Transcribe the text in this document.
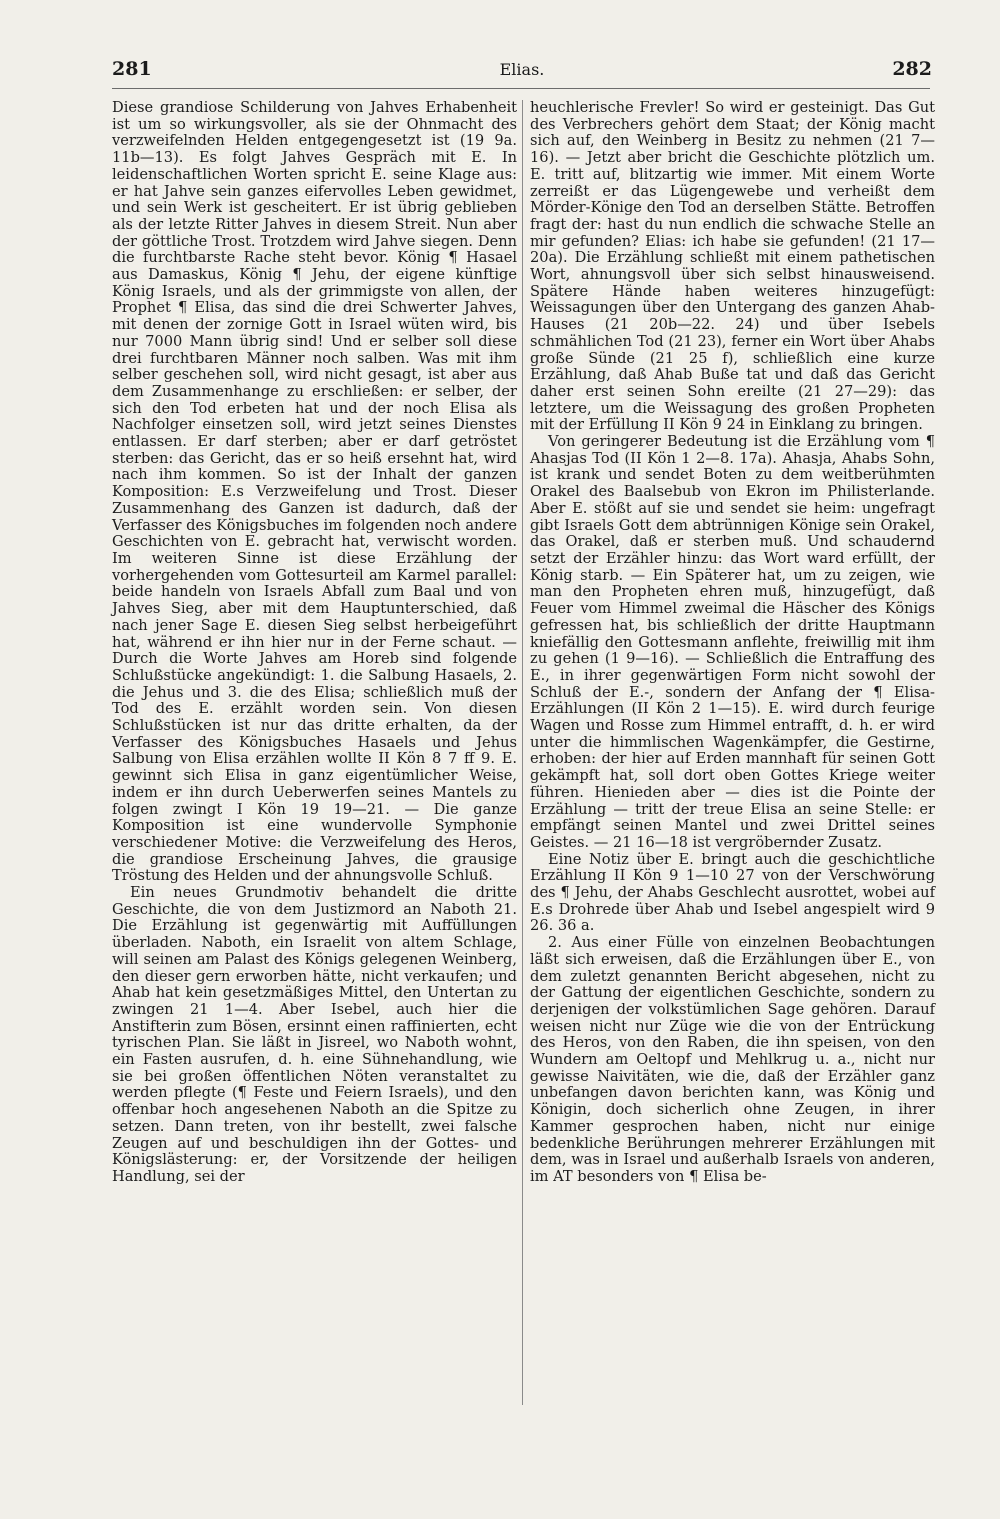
281	Elias.	282

Diese grandiose Schilderung von Jahves Erhabenheit ist um so wirkungsvoller, als sie der Ohnmacht des verzweifelnden Helden entgegengesetzt ist (19 9a. 11b—13). Es folgt Jahves Gespräch mit E. In leidenschaftlichen Worten spricht E. seine Klage aus: er hat Jahve sein ganzes eifervolles Leben gewidmet, und sein Werk ist gescheitert. Er ist übrig geblieben als der letzte Ritter Jahves in diesem Streit. Nun aber der göttliche Trost. Trotzdem wird Jahve siegen. Denn die furchtbarste Rache steht bevor. König ¶ Hasael aus Damaskus, König ¶ Jehu, der eigene künftige König Israels, und als der grimmigste von allen, der Prophet ¶ Elisa, das sind die drei Schwerter Jahves, mit denen der zornige Gott in Israel wüten wird, bis nur 7000 Mann übrig sind! Und er selber soll diese drei furchtbaren Männer noch salben. Was mit ihm selber geschehen soll, wird nicht gesagt, ist aber aus dem Zusammenhange zu erschließen: er selber, der sich den Tod erbeten hat und der noch Elisa als Nachfolger einsetzen soll, wird jetzt seines Dienstes entlassen. Er darf sterben; aber er darf getröstet sterben: das Gericht, das er so heiß ersehnt hat, wird nach ihm kommen. So ist der Inhalt der ganzen Komposition: E.s Verzweifelung und Trost. Dieser Zusammenhang des Ganzen ist dadurch, daß der Verfasser des Königsbuches im folgenden noch andere Geschichten von E. gebracht hat, verwischt worden. Im weiteren Sinne ist diese Erzählung der vorhergehenden vom Gottesurteil am Karmel parallel: beide handeln von Israels Abfall zum Baal und von Jahves Sieg, aber mit dem Hauptunterschied, daß nach jener Sage E. diesen Sieg selbst herbeigeführt hat, während er ihn hier nur in der Ferne schaut. — Durch die Worte Jahves am Horeb sind folgende Schlußstücke angekündigt: 1. die Salbung Hasaels, 2. die Jehus und 3. die des Elisa; schließlich muß der Tod des E. erzählt worden sein. Von diesen Schlußstücken ist nur das dritte erhalten, da der Verfasser des Königsbuches Hasaels und Jehus Salbung von Elisa erzählen wollte II Kön 8 7 ff 9. E. gewinnt sich Elisa in ganz eigentümlicher Weise, indem er ihn durch Ueberwerfen seines Mantels zu folgen zwingt I Kön 19 19—21. — Die ganze Komposition ist eine wundervolle Symphonie verschiedener Motive: die Verzweifelung des Heros, die grandiose Erscheinung Jahves, die grausige Tröstung des Helden und der ahnungsvolle Schluß.

Ein neues Grundmotiv behandelt die dritte Geschichte, die von dem Justizmord an Naboth 21. Die Erzählung ist gegenwärtig mit Auffüllungen überladen. Naboth, ein Israelit von altem Schlage, will seinen am Palast des Königs gelegenen Weinberg, den dieser gern erworben hätte, nicht verkaufen; und Ahab hat kein gesetzmäßiges Mittel, den Untertan zu zwingen 21 1—4. Aber Isebel, auch hier die Anstifterin zum Bösen, ersinnt einen raffinierten, echt tyrischen Plan. Sie läßt in Jisreel, wo Naboth wohnt, ein Fasten ausrufen, d. h. eine Sühnehandlung, wie sie bei großen öffentlichen Nöten veranstaltet zu werden pflegte (¶ Feste und Feiern Israels), und den offenbar hoch angesehenen Naboth an die Spitze zu setzen. Dann treten, von ihr bestellt, zwei falsche Zeugen auf und beschuldigen ihn der Gottes- und Königslästerung: er, der Vorsitzende der heiligen Handlung, sei der

heuchlerische Frevler! So wird er gesteinigt. Das Gut des Verbrechers gehört dem Staat; der König macht sich auf, den Weinberg in Besitz zu nehmen (21 7—16). — Jetzt aber bricht die Geschichte plötzlich um. E. tritt auf, blitzartig wie immer. Mit einem Worte zerreißt er das Lügengewebe und verheißt dem Mörder-Könige den Tod an derselben Stätte. Betroffen fragt der: hast du nun endlich die schwache Stelle an mir gefunden? Elias: ich habe sie gefunden! (21 17—20a). Die Erzählung schließt mit einem pathetischen Wort, ahnungsvoll über sich selbst hinausweisend. Spätere Hände haben weiteres hinzugefügt: Weissagungen über den Untergang des ganzen Ahab-Hauses (21 20b—22. 24) und über Isebels schmählichen Tod (21 23), ferner ein Wort über Ahabs große Sünde (21 25 f), schließlich eine kurze Erzählung, daß Ahab Buße tat und daß das Gericht daher erst seinen Sohn ereilte (21 27—29): das letztere, um die Weissagung des großen Propheten mit der Erfüllung II Kön 9 24 in Einklang zu bringen.

Von geringerer Bedeutung ist die Erzählung vom ¶ Ahasjas Tod (II Kön 1 2—8. 17a). Ahasja, Ahabs Sohn, ist krank und sendet Boten zu dem weitberühmten Orakel des Baalsebub von Ekron im Philisterlande. Aber E. stößt auf sie und sendet sie heim: ungefragt gibt Israels Gott dem abtrünnigen Könige sein Orakel, das Orakel, daß er sterben muß. Und schaudernd setzt der Erzähler hinzu: das Wort ward erfüllt, der König starb. — Ein Späterer hat, um zu zeigen, wie man den Propheten ehren muß, hinzugefügt, daß Feuer vom Himmel zweimal die Häscher des Königs gefressen hat, bis schließlich der dritte Hauptmann kniefällig den Gottesmann anflehte, freiwillig mit ihm zu gehen (1 9—16). — Schließlich die Entraffung des E., in ihrer gegenwärtigen Form nicht sowohl der Schluß der E.-, sondern der Anfang der ¶ Elisa-Erzählungen (II Kön 2 1—15). E. wird durch feurige Wagen und Rosse zum Himmel entrafft, d. h. er wird unter die himmlischen Wagenkämpfer, die Gestirne, erhoben: der hier auf Erden mannhaft für seinen Gott gekämpft hat, soll dort oben Gottes Kriege weiter führen. Hienieden aber — dies ist die Pointe der Erzählung — tritt der treue Elisa an seine Stelle: er empfängt seinen Mantel und zwei Drittel seines Geistes. — 21 16—18 ist vergröbernder Zusatz.

Eine Notiz über E. bringt auch die geschichtliche Erzählung II Kön 9 1—10 27 von der Verschwörung des ¶ Jehu, der Ahabs Geschlecht ausrottet, wobei auf E.s Drohrede über Ahab und Isebel angespielt wird 9 26. 36 a.

2. Aus einer Fülle von einzelnen Beobachtungen läßt sich erweisen, daß die Erzählungen über E., von dem zuletzt genannten Bericht abgesehen, nicht zu der Gattung der eigentlichen Geschichte, sondern zu derjenigen der volkstümlichen Sage gehören. Darauf weisen nicht nur Züge wie die von der Entrückung des Heros, von den Raben, die ihn speisen, von den Wundern am Oeltopf und Mehlkrug u. a., nicht nur gewisse Naivitäten, wie die, daß der Erzähler ganz unbefangen davon berichten kann, was König und Königin, doch sicherlich ohne Zeugen, in ihrer Kammer gesprochen haben, nicht nur einige bedenkliche Berührungen mehrerer Erzählungen mit dem, was in Israel und außerhalb Israels von anderen, im AT besonders von ¶ Elisa be-
